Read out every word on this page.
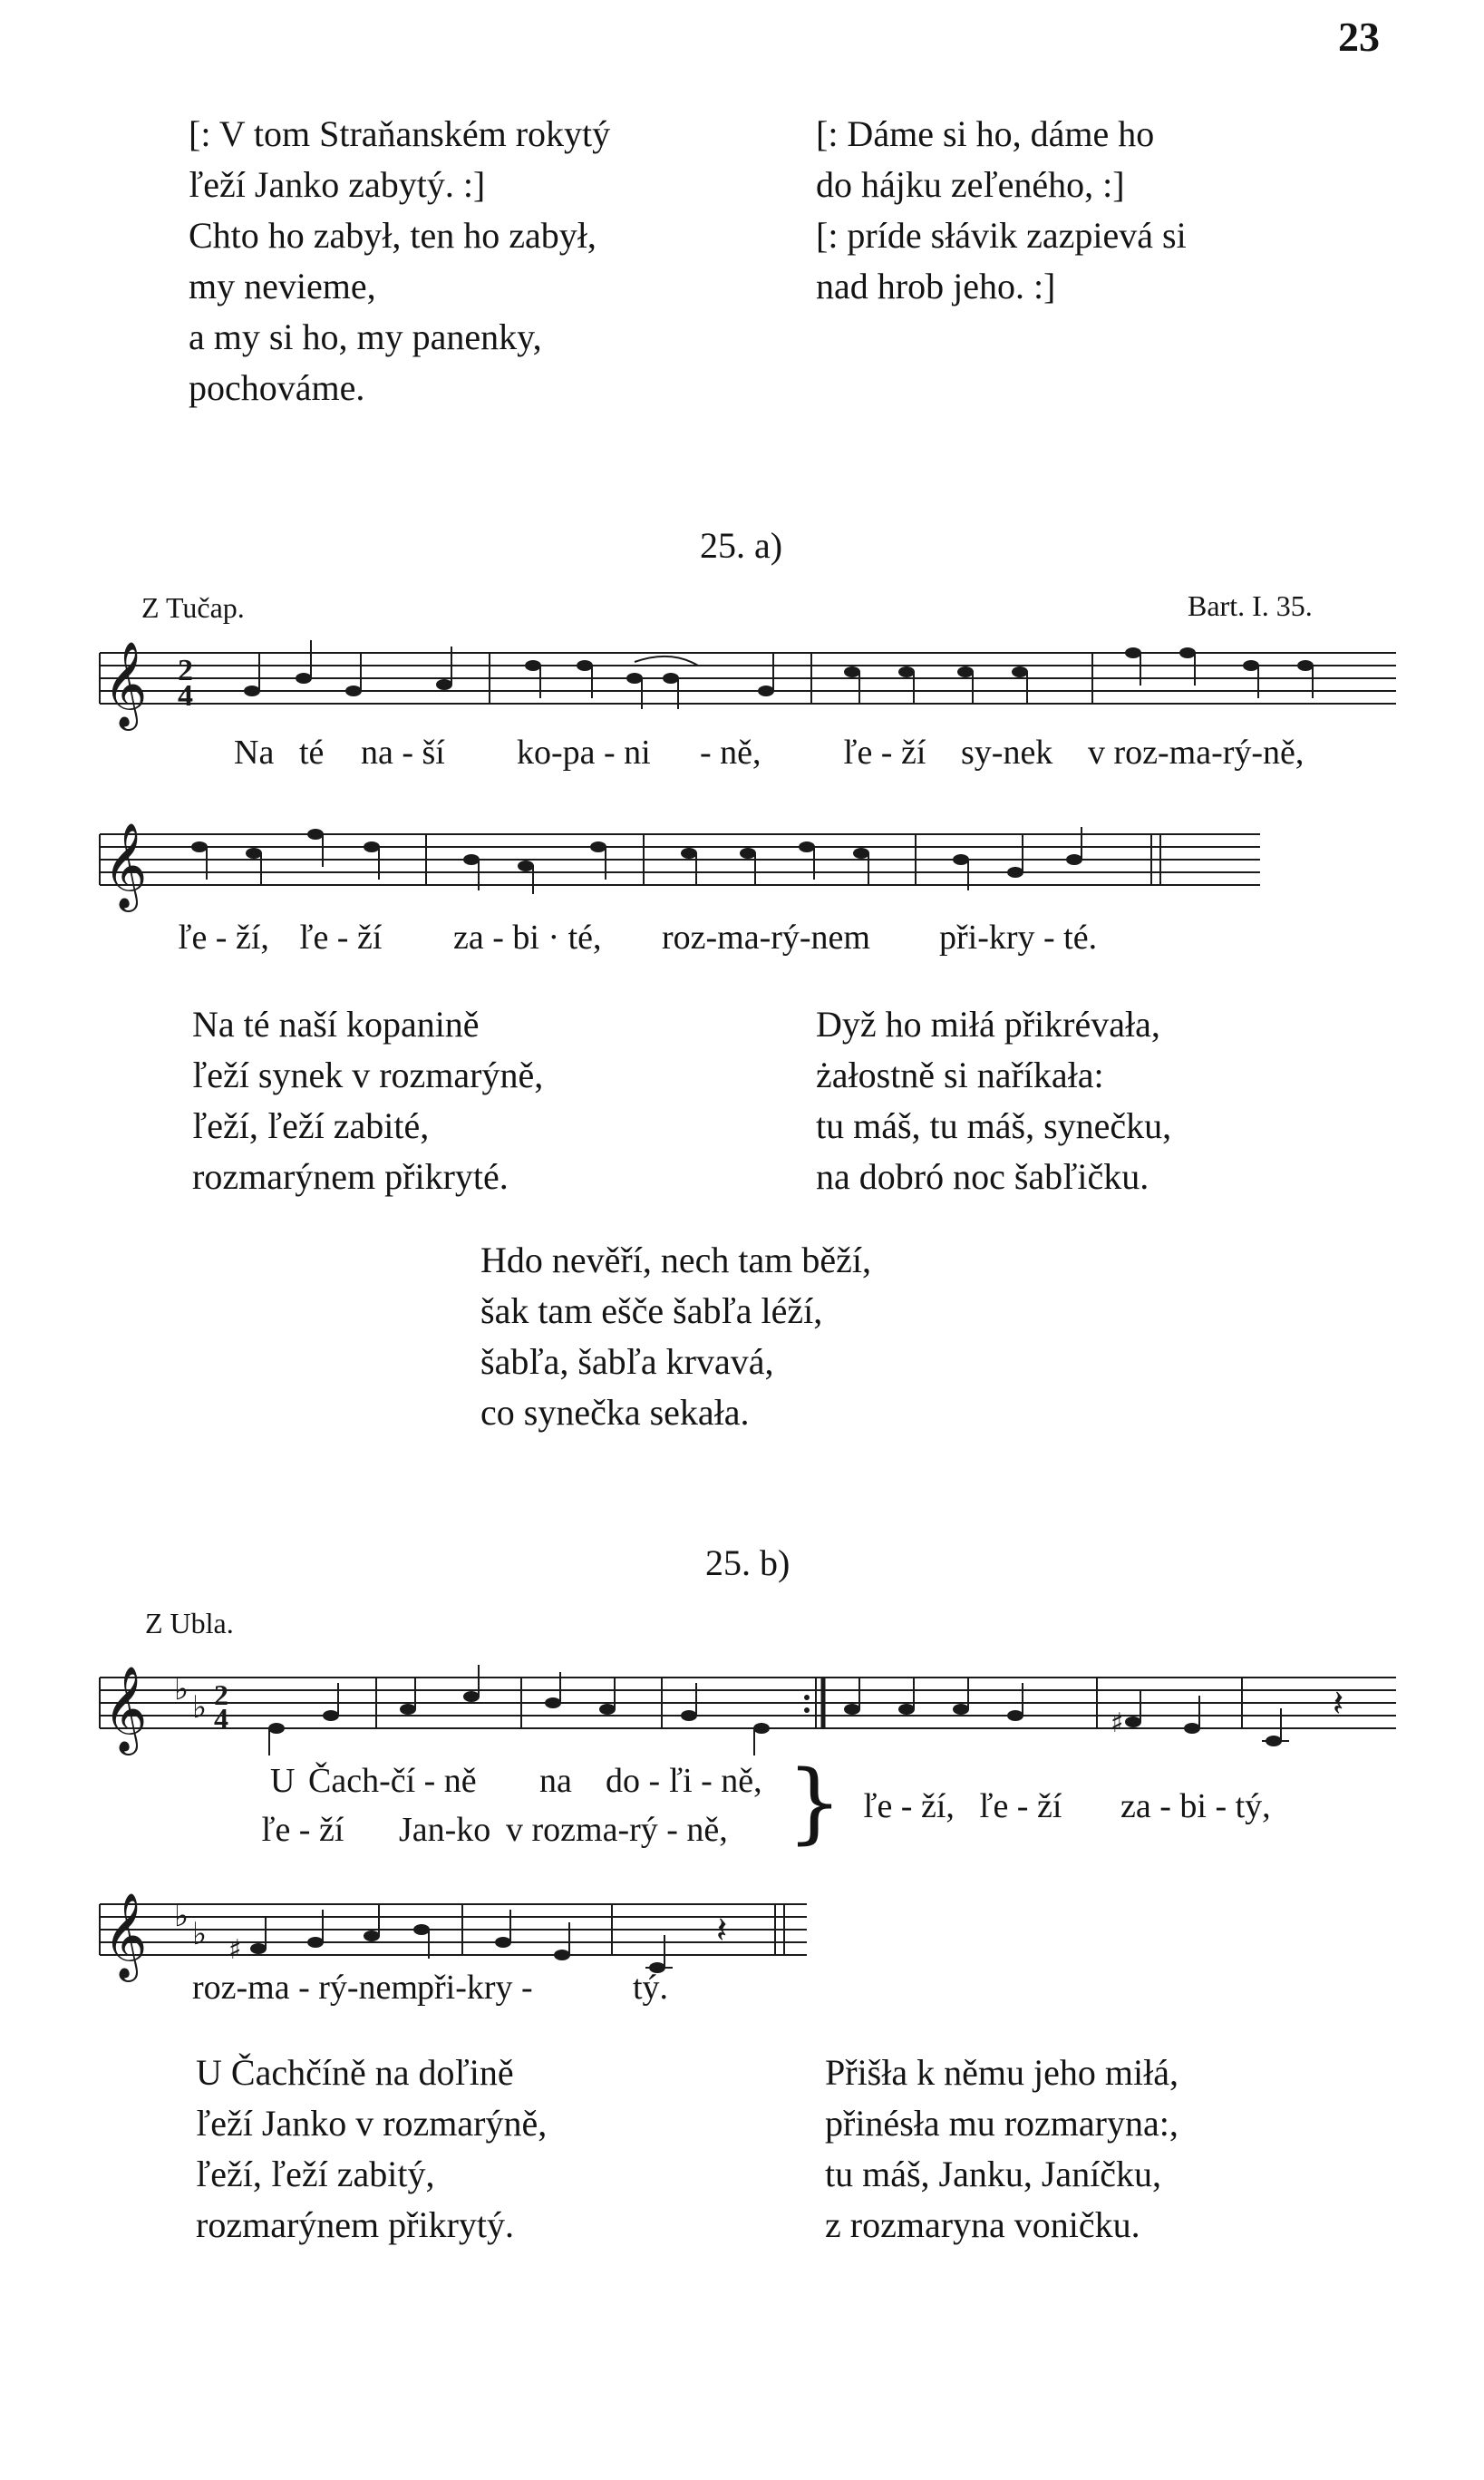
23
[: V tom Straňanském rokytý
ľeží Janko zabytý. :]
Chto ho zabył, ten ho zabył,
my nevieme,
a my si ho, my panenky,
pochováme.
[: Dáme si ho, dáme ho
do hájku zeľeného, :]
[: príde słávik zazpievá si
nad hrob jeho. :]
25. a)
Z Tučap.	Bart. I. 35.
𝄞 2
4
Na té na - ší ko-pa - ni - ně, ľe - ží sy-nek v roz-ma-rý-ně,
𝄞
ľe - ží, ľe - ží za - bi · té, roz-ma-rý-nem při-kry - té.
Na té naší kopanině
ľeží synek v rozmarýně,
ľeží, ľeží zabité,
rozmarýnem přikryté.
Dyž ho miłá přikrévała,
żałostně si naříkała:
tu máš, tu máš, synečku,
na dobró noc šabľičku.
Hdo nevěří, nech tam běží,
šak tam eščе šabľa léží,
šabľa, šabľa krvavá,
co synečka sekała.
25. b)
Z Ubla.
𝄞 ♭ ♭ 2
4	♯	𝄽
U Čach-čí - ně na do - ľi - ně,
ľe - ží Jan-ko v rozma-rý - ně, } ľe - ží, ľe - ží za - bi - tý,
𝄞 ♭ ♭ ♯	𝄽
roz-ma - rý-nem při-kry -	tý.
U Čachčíně na doľině
ľeží Janko v rozmarýně,
ľeží, ľeží zabitý,
rozmarýnem přikrytý.
Přišła k němu jeho miłá,
přinésła mu rozmaryna:,
tu máš, Janku, Janíčku,
z rozmaryna voničku.
